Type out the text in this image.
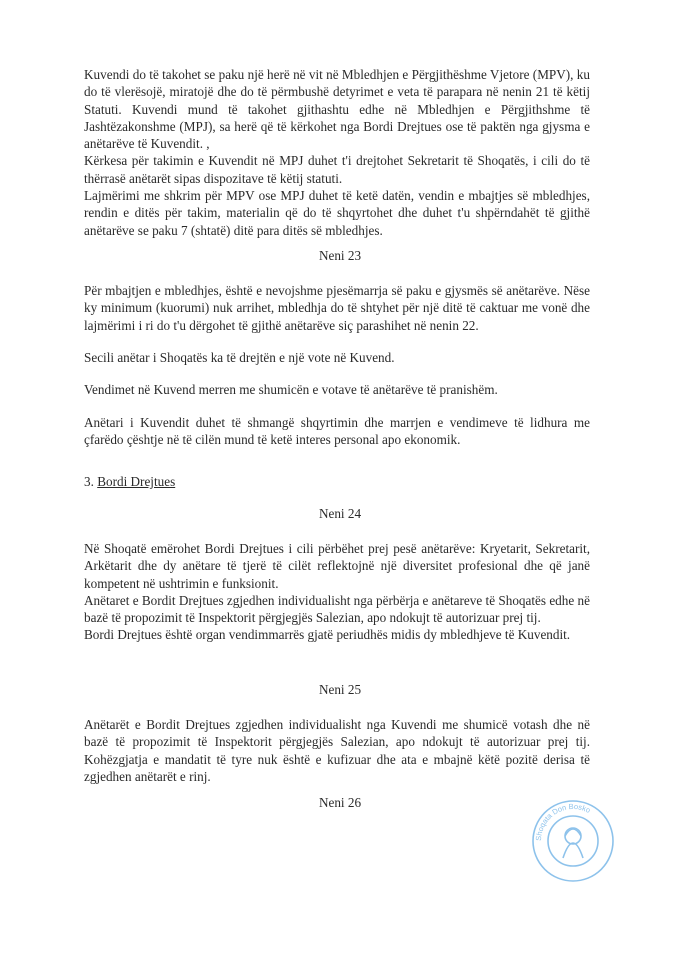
Kuvendi do të takohet se paku një herë në vit në Mbledhjen e Përgjithëshme Vjetore (MPV), ku do të vlerësojë, miratojë dhe do të përmbushë detyrimet e veta të parapara në nenin 21 të këtij Statuti. Kuvendi mund të takohet gjithashtu edhe në Mbledhjen e Përgjithshme të Jashtëzakonshme (MPJ), sa herë që të kërkohet nga Bordi Drejtues ose të paktën nga gjysma e anëtarëve të Kuvendit. ,

Kërkesa për takimin e Kuvendit në MPJ duhet t'i drejtohet Sekretarit të Shoqatës, i cili do të thërrasë anëtarët sipas dispozitave të këtij statuti.

Lajmërimi me shkrim për MPV ose MPJ duhet të ketë datën, vendin e mbajtjes së mbledhjes, rendin e ditës për takim, materialin që do të shqyrtohet dhe duhet t'u shpërndahët të gjithë anëtarëve se paku 7 (shtatë) ditë para ditës së mbledhjes.

Neni 23

Për mbajtjen e mbledhjes, është e nevojshme pjesëmarrja së paku e gjysmës së anëtarëve. Nëse ky minimum (kuorumi) nuk arrihet, mbledhja do të shtyhet për një ditë të caktuar me vonë dhe lajmërimi i ri do t'u dërgohet të gjithë anëtarëve siç parashihet në nenin 22.

Secili anëtar i Shoqatës ka të drejtën e një vote në Kuvend.

Vendimet në Kuvend merren me shumicën e votave të anëtarëve të pranishëm.

Anëtari i Kuvendit duhet të shmangë shqyrtimin dhe marrjen e vendimeve të lidhura me çfarëdo çështje në të cilën mund të ketë interes personal apo ekonomik.

3. Bordi Drejtues
Neni 24

Në Shoqatë emërohet Bordi Drejtues i cili përbëhet prej pesë anëtarëve: Kryetarit, Sekretarit, Arkëtarit dhe dy anëtare të tjerë të cilët reflektojnë një diversitet profesional dhe që janë kompetent në ushtrimin e funksionit.

Anëtaret e Bordit Drejtues zgjedhen individualisht nga përbërja e anëtareve të Shoqatës edhe në bazë të propozimit të Inspektorit përgjegjës Salezian, apo ndokujt të autorizuar prej tij.

Bordi Drejtues është organ vendimmarrës gjatë periudhës midis dy mbledhjeve të Kuvendit.

Neni 25

Anëtarët e Bordit Drejtues zgjedhen individualisht nga Kuvendi me shumicë votash dhe në bazë të propozimit të Inspektorit përgjegjës Salezian, apo ndokujt të autorizuar prej tij. Kohëzgjatja e mandatit të tyre nuk është e kufizuar dhe ata e mbajnë këtë pozitë derisa të zgjedhen anëtarët e rinj.

Neni 26
Shoqata Don Bosko
